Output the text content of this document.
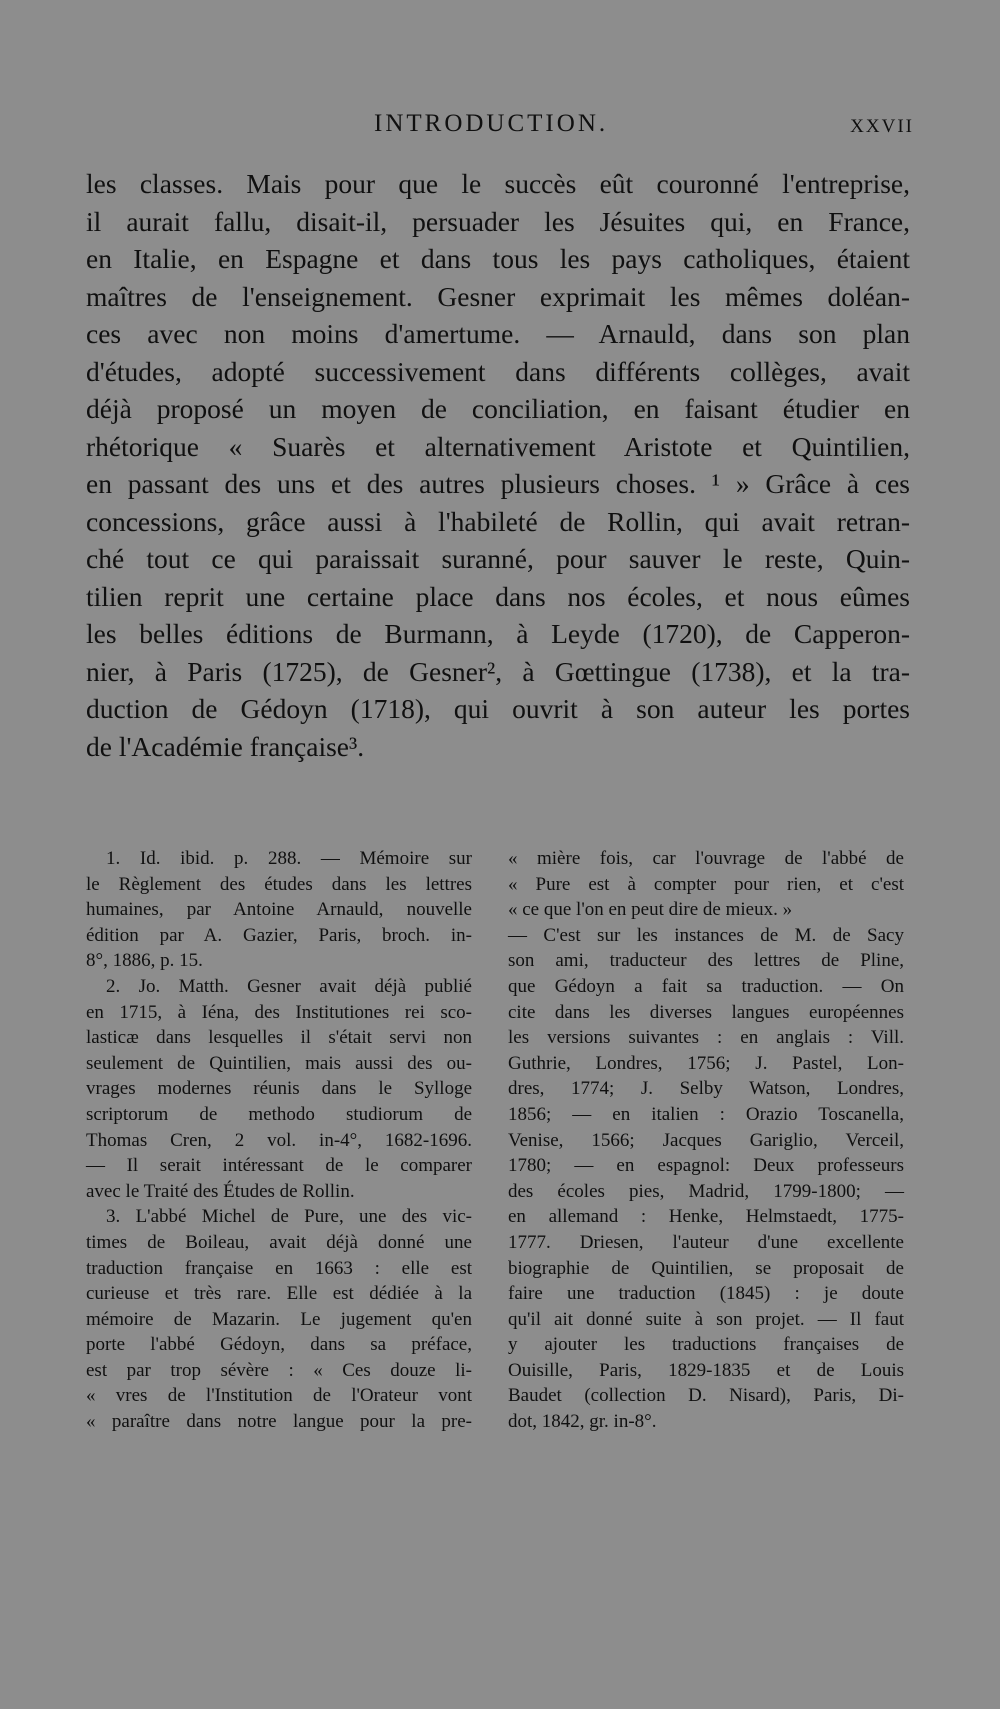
INTRODUCTION.	XXVII
les classes. Mais pour que le succès eût couronné l'entreprise,
il aurait fallu, disait-il, persuader les Jésuites qui, en France,
en Italie, en Espagne et dans tous les pays catholiques, étaient
maîtres de l'enseignement. Gesner exprimait les mêmes doléan-
ces avec non moins d'amertume. — Arnauld, dans son plan
d'études, adopté successivement dans différents collèges, avait
déjà proposé un moyen de conciliation, en faisant étudier en
rhétorique « Suarès et alternativement Aristote et Quintilien,
en passant des uns et des autres plusieurs choses. ¹ » Grâce à ces
concessions, grâce aussi à l'habileté de Rollin, qui avait retran-
ché tout ce qui paraissait suranné, pour sauver le reste, Quin-
tilien reprit une certaine place dans nos écoles, et nous eûmes
les belles éditions de Burmann, à Leyde (1720), de Capperon-
nier, à Paris (1725), de Gesner², à Gœttingue (1738), et la tra-
duction de Gédoyn (1718), qui ouvrit à son auteur les portes
de l'Académie française³.
1. Id. ibid. p. 288. — Mémoire sur
le Règlement des études dans les lettres
humaines, par Antoine Arnauld, nouvelle
édition par A. Gazier, Paris, broch. in-
8°, 1886, p. 15.
2. Jo. Matth. Gesner avait déjà publié
en 1715, à Iéna, des Institutiones rei sco-
lasticæ dans lesquelles il s'était servi non
seulement de Quintilien, mais aussi des ou-
vrages modernes réunis dans le Sylloge
scriptorum de methodo studiorum de
Thomas Cren, 2 vol. in-4°, 1682-1696.
— Il serait intéressant de le comparer
avec le Traité des Études de Rollin.
3. L'abbé Michel de Pure, une des vic-
times de Boileau, avait déjà donné une
traduction française en 1663 : elle est
curieuse et très rare. Elle est dédiée à la
mémoire de Mazarin. Le jugement qu'en
porte l'abbé Gédoyn, dans sa préface,
est par trop sévère : « Ces douze li-
« vres de l'Institution de l'Orateur vont
« paraître dans notre langue pour la pre-
« mière fois, car l'ouvrage de l'abbé de
« Pure est à compter pour rien, et c'est
« ce que l'on en peut dire de mieux. »
— C'est sur les instances de M. de Sacy
son ami, traducteur des lettres de Pline,
que Gédoyn a fait sa traduction. — On
cite dans les diverses langues européennes
les versions suivantes : en anglais : Vill.
Guthrie, Londres, 1756; J. Pastel, Lon-
dres, 1774; J. Selby Watson, Londres,
1856; — en italien : Orazio Toscanella,
Venise, 1566; Jacques Gariglio, Verceil,
1780; — en espagnol: Deux professeurs
des écoles pies, Madrid, 1799-1800; —
en allemand : Henke, Helmstaedt, 1775-
1777. Driesen, l'auteur d'une excellente
biographie de Quintilien, se proposait de
faire une traduction (1845) : je doute
qu'il ait donné suite à son projet. — Il faut
y ajouter les traductions françaises de
Ouisille, Paris, 1829-1835 et de Louis
Baudet (collection D. Nisard), Paris, Di-
dot, 1842, gr. in-8°.
